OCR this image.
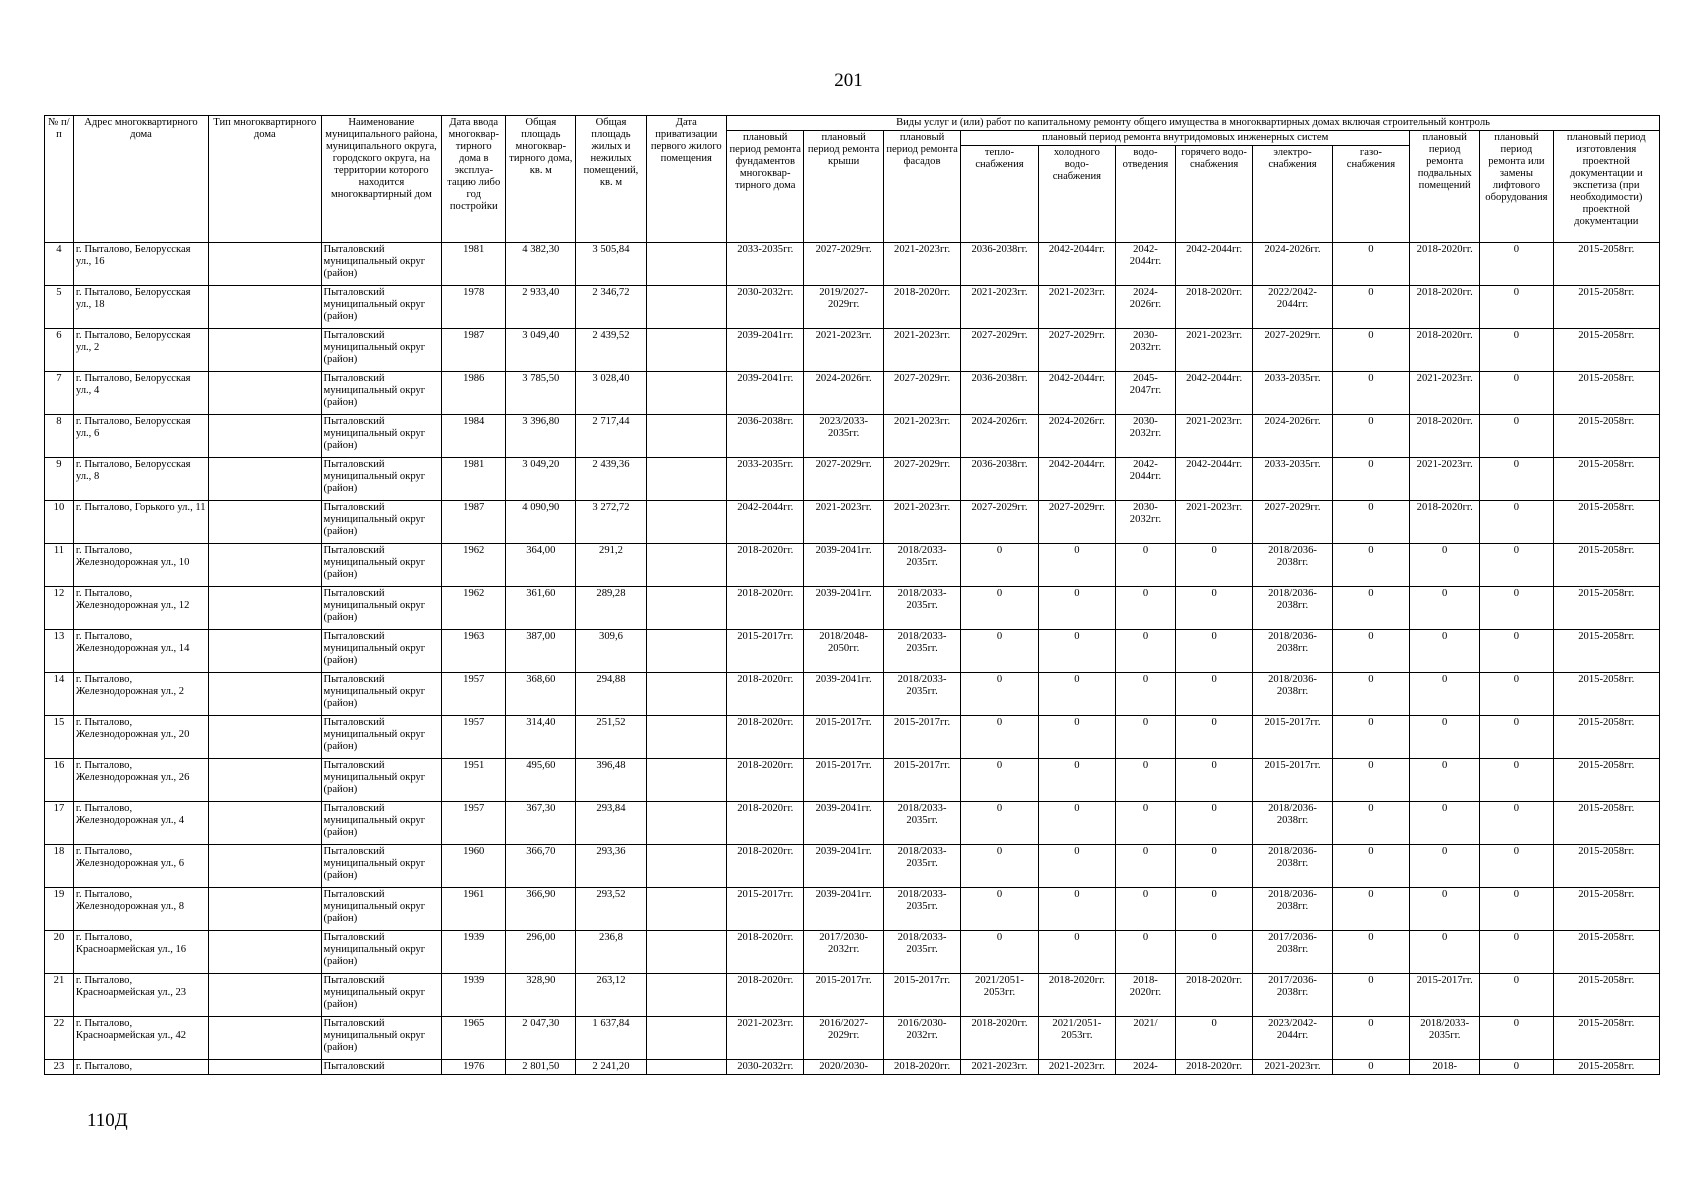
201
№ п/п	Адрес многоквартирного дома	Тип многоквартирного дома	Наименование муниципального района, муниципального округа, городского округа, на территории которого находится многоквартирный дом	Дата ввода многоквар- тирного дома в эксплуа- тацию либо год постройки	Общая площадь многоквар- тирного дома, кв. м	Общая площадь жилых и нежилых помещений, кв. м	Дата приватизации первого жилого помещения	Виды услуг и (или) работ по капитальному ремонту общего имущества в многоквартирных домах включая строительный контроль											
								плановый период ремонта фундаментов многоквар- тирного дома	плановый период ремонта крыши	плановый период ремонта фасадов	плановый период ремонта внутридомовых инженерных систем						плановый период ремонта подвальных помещений	плановый период ремонта или замены лифтового оборудования	плановый период изготовления проектной документации и экспетиза (при необходимости) проектной документации
											тепло- снабжения	холодного водо- снабжения	водо- отведения	горячего водо- снабжения	электро- снабжения	газо- снабжения			
4	г. Пыталово, Белорусская ул., 16		Пыталовский муниципальный округ (район)	1981	4 382,30	3 505,84		2033-2035гг.	2027-2029гг.	2021-2023гг.	2036-2038гг.	2042-2044гг.	2042-2044гг.	2042-2044гг.	2024-2026гг.	0	2018-2020гг.	0	2015-2058гг.
5	г. Пыталово, Белорусская ул., 18		Пыталовский муниципальный округ (район)	1978	2 933,40	2 346,72		2030-2032гг.	2019/2027-2029гг.	2018-2020гг.	2021-2023гг.	2021-2023гг.	2024-2026гг.	2018-2020гг.	2022/2042-2044гг.	0	2018-2020гг.	0	2015-2058гг.
6	г. Пыталово, Белорусская ул., 2		Пыталовский муниципальный округ (район)	1987	3 049,40	2 439,52		2039-2041гг.	2021-2023гг.	2021-2023гг.	2027-2029гг.	2027-2029гг.	2030-2032гг.	2021-2023гг.	2027-2029гг.	0	2018-2020гг.	0	2015-2058гг.
7	г. Пыталово, Белорусская ул., 4		Пыталовский муниципальный округ (район)	1986	3 785,50	3 028,40		2039-2041гг.	2024-2026гг.	2027-2029гг.	2036-2038гг.	2042-2044гг.	2045-2047гг.	2042-2044гг.	2033-2035гг.	0	2021-2023гг.	0	2015-2058гг.
8	г. Пыталово, Белорусская ул., 6		Пыталовский муниципальный округ (район)	1984	3 396,80	2 717,44		2036-2038гг.	2023/2033-2035гг.	2021-2023гг.	2024-2026гг.	2024-2026гг.	2030-2032гг.	2021-2023гг.	2024-2026гг.	0	2018-2020гг.	0	2015-2058гг.
9	г. Пыталово, Белорусская ул., 8		Пыталовский муниципальный округ (район)	1981	3 049,20	2 439,36		2033-2035гг.	2027-2029гг.	2027-2029гг.	2036-2038гг.	2042-2044гг.	2042-2044гг.	2042-2044гг.	2033-2035гг.	0	2021-2023гг.	0	2015-2058гг.
10	г. Пыталово, Горького ул., 11		Пыталовский муниципальный округ (район)	1987	4 090,90	3 272,72		2042-2044гг.	2021-2023гг.	2021-2023гг.	2027-2029гг.	2027-2029гг.	2030-2032гг.	2021-2023гг.	2027-2029гг.	0	2018-2020гг.	0	2015-2058гг.
11	г. Пыталово, Железнодорожная ул., 10		Пыталовский муниципальный округ (район)	1962	364,00	291,2		2018-2020гг.	2039-2041гг.	2018/2033-2035гг.	0	0	0	0	2018/2036-2038гг.	0	0	0	2015-2058гг.
12	г. Пыталово, Железнодорожная ул., 12		Пыталовский муниципальный округ (район)	1962	361,60	289,28		2018-2020гг.	2039-2041гг.	2018/2033-2035гг.	0	0	0	0	2018/2036-2038гг.	0	0	0	2015-2058гг.
13	г. Пыталово, Железнодорожная ул., 14		Пыталовский муниципальный округ (район)	1963	387,00	309,6		2015-2017гг.	2018/2048-2050гг.	2018/2033-2035гг.	0	0	0	0	2018/2036-2038гг.	0	0	0	2015-2058гг.
14	г. Пыталово, Железнодорожная ул., 2		Пыталовский муниципальный округ (район)	1957	368,60	294,88		2018-2020гг.	2039-2041гг.	2018/2033-2035гг.	0	0	0	0	2018/2036-2038гг.	0	0	0	2015-2058гг.
15	г. Пыталово, Железнодорожная ул., 20		Пыталовский муниципальный округ (район)	1957	314,40	251,52		2018-2020гг.	2015-2017гг.	2015-2017гг.	0	0	0	0	2015-2017гг.	0	0	0	2015-2058гг.
16	г. Пыталово, Железнодорожная ул., 26		Пыталовский муниципальный округ (район)	1951	495,60	396,48		2018-2020гг.	2015-2017гг.	2015-2017гг.	0	0	0	0	2015-2017гг.	0	0	0	2015-2058гг.
17	г. Пыталово, Железнодорожная ул., 4		Пыталовский муниципальный округ (район)	1957	367,30	293,84		2018-2020гг.	2039-2041гг.	2018/2033-2035гг.	0	0	0	0	2018/2036-2038гг.	0	0	0	2015-2058гг.
18	г. Пыталово, Железнодорожная ул., 6		Пыталовский муниципальный округ (район)	1960	366,70	293,36		2018-2020гг.	2039-2041гг.	2018/2033-2035гг.	0	0	0	0	2018/2036-2038гг.	0	0	0	2015-2058гг.
19	г. Пыталово, Железнодорожная ул., 8		Пыталовский муниципальный округ (район)	1961	366,90	293,52		2015-2017гг.	2039-2041гг.	2018/2033-2035гг.	0	0	0	0	2018/2036-2038гг.	0	0	0	2015-2058гг.
20	г. Пыталово, Красноармейская ул., 16		Пыталовский муниципальный округ (район)	1939	296,00	236,8		2018-2020гг.	2017/2030-2032гг.	2018/2033-2035гг.	0	0	0	0	2017/2036-2038гг.	0	0	0	2015-2058гг.
21	г. Пыталово, Красноармейская ул., 23		Пыталовский муниципальный округ (район)	1939	328,90	263,12		2018-2020гг.	2015-2017гг.	2015-2017гг.	2021/2051-2053гг.	2018-2020гг.	2018-2020гг.	2018-2020гг.	2017/2036-2038гг.	0	2015-2017гг.	0	2015-2058гг.
22	г. Пыталово, Красноармейская ул., 42		Пыталовский муниципальный округ (район)	1965	2 047,30	1 637,84		2021-2023гг.	2016/2027-2029гг.	2016/2030-2032гг.	2018-2020гг.	2021/2051-2053гг.	2021/	0	2023/2042-2044гг.	0	2018/2033-2035гг.	0	2015-2058гг.
23	г. Пыталово,		Пыталовский	1976	2 801,50	2 241,20		2030-2032гг.	2020/2030-	2018-2020гг.	2021-2023гг.	2021-2023гг.	2024-	2018-2020гг.	2021-2023гг.	0	2018-	0	2015-2058гг.
110Д
